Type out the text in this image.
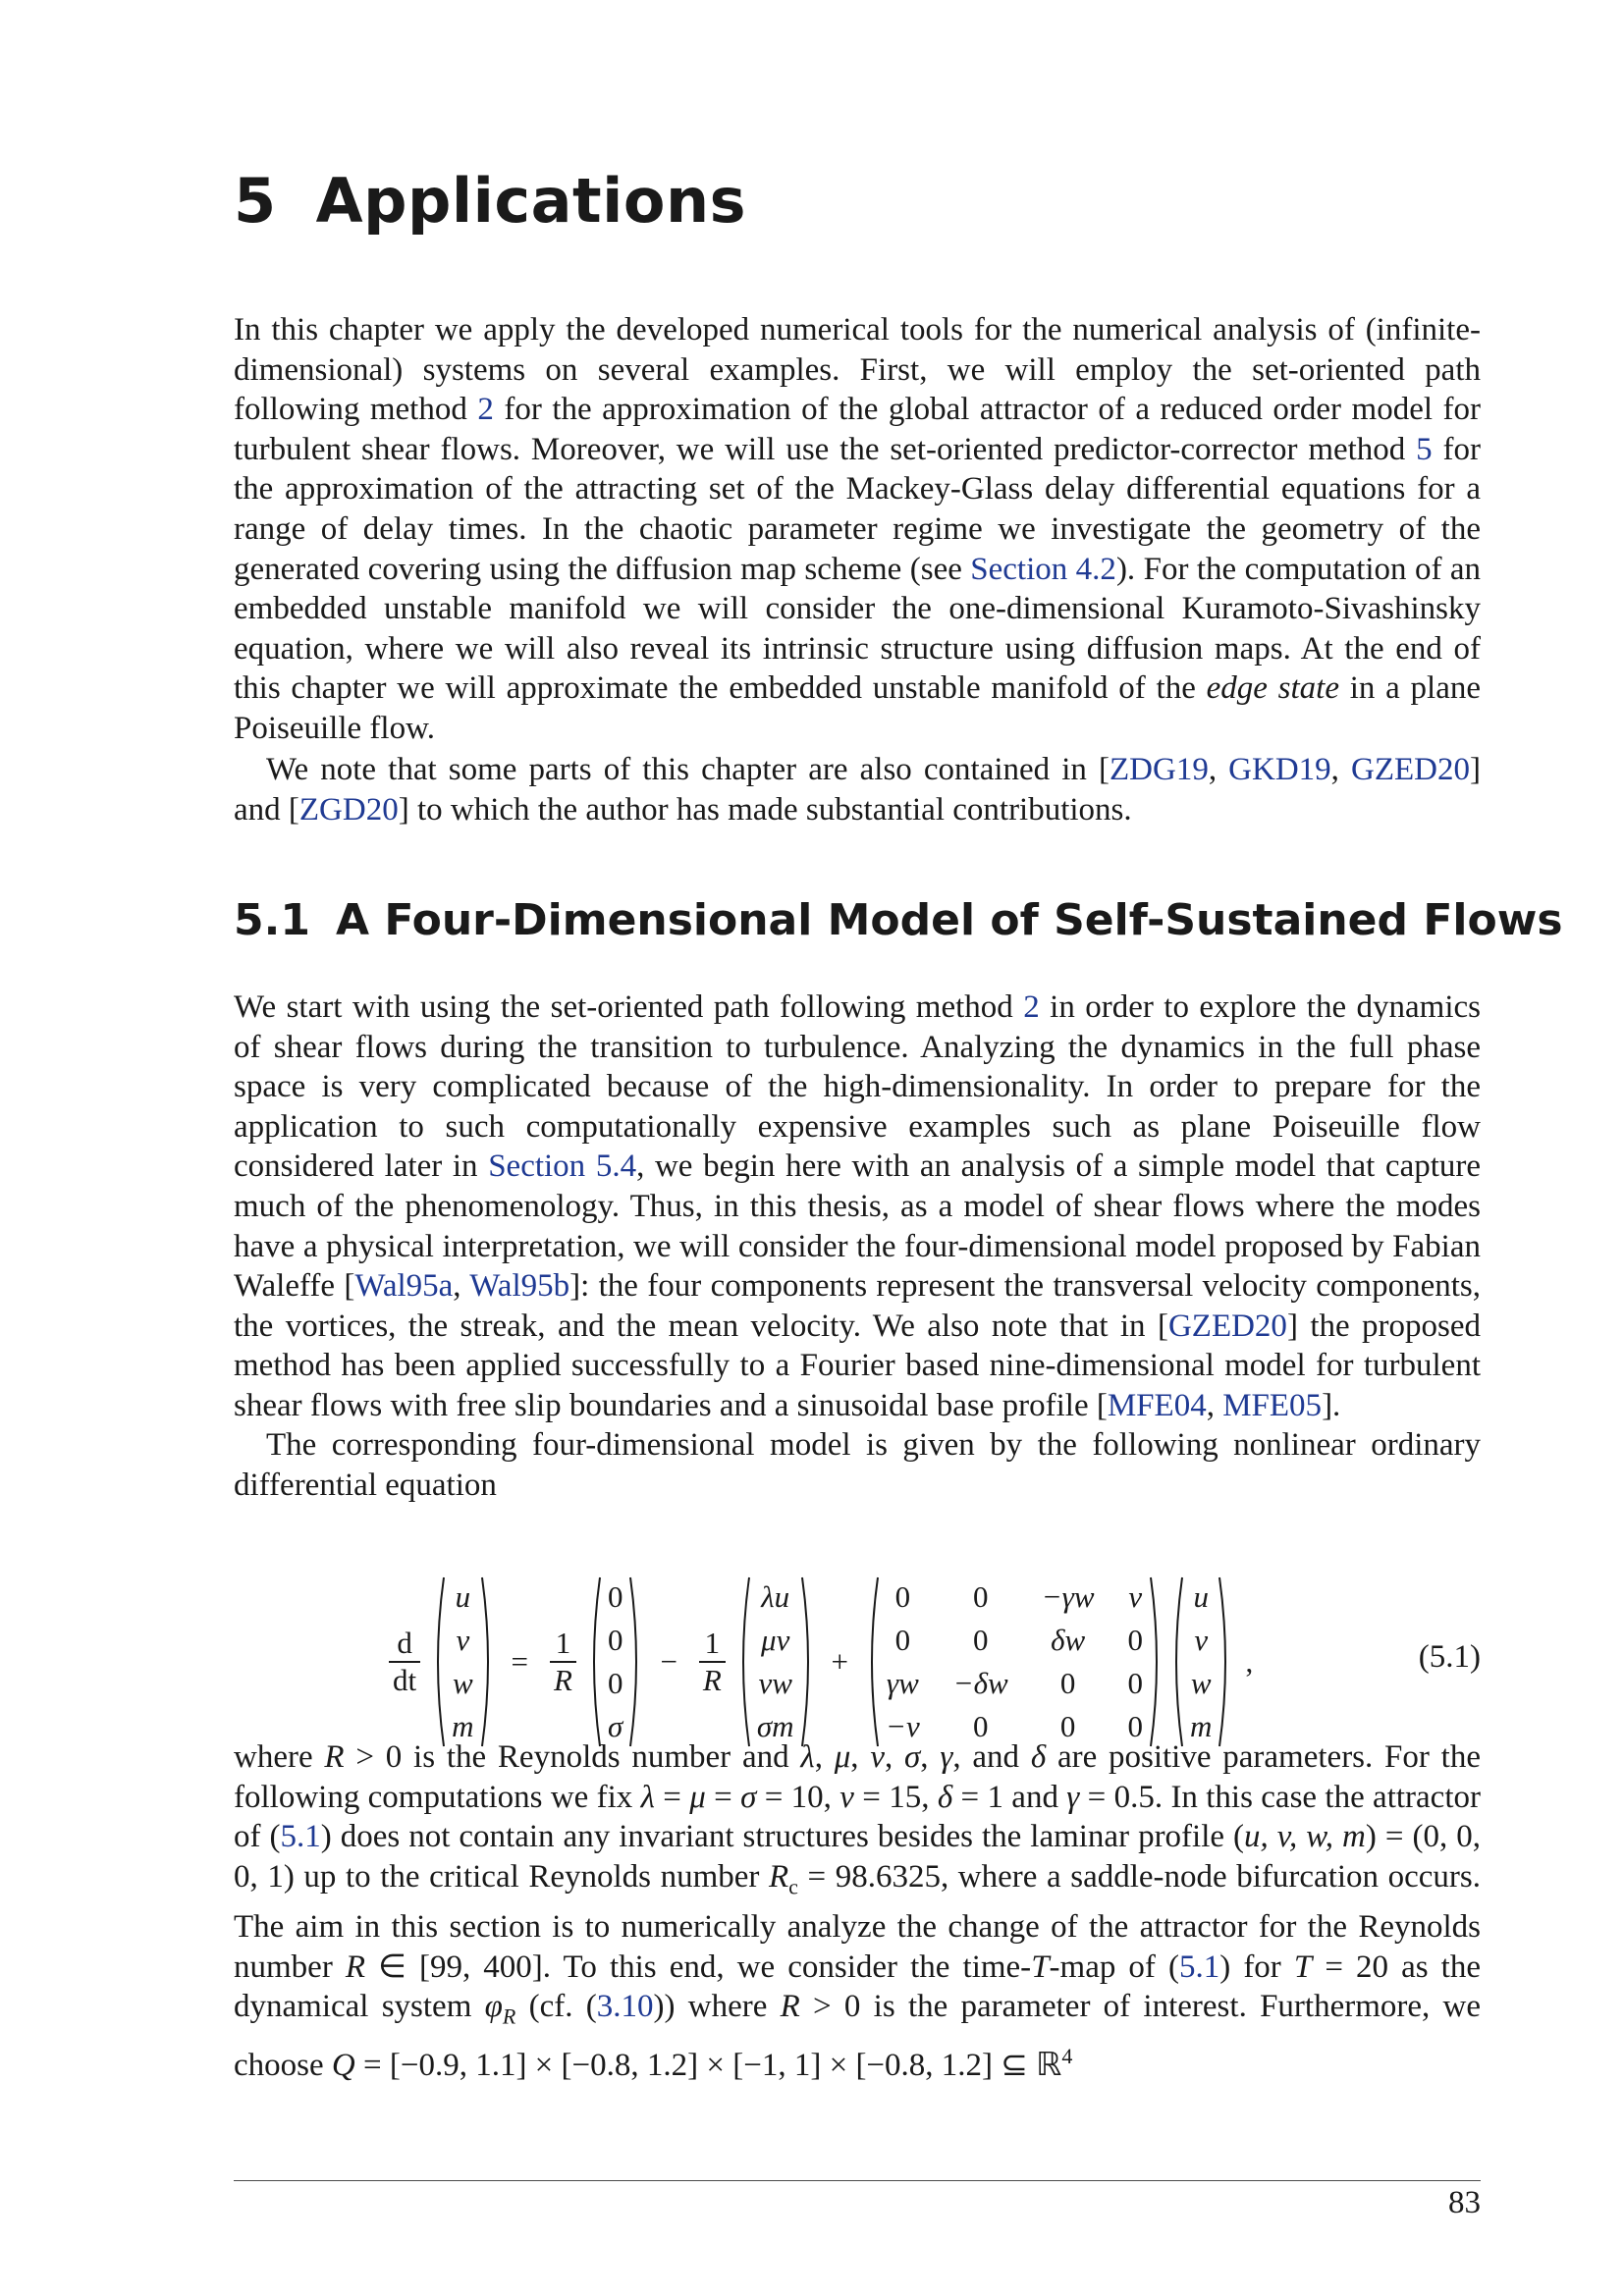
5 Applications

In this chapter we apply the developed numerical tools for the numerical analysis of (infinite-dimensional) systems on several examples. First, we will employ the set-oriented path following method 2 for the approximation of the global attractor of a reduced order model for turbulent shear flows. Moreover, we will use the set-oriented predictor-corrector method 5 for the approximation of the attracting set of the Mackey-Glass delay differential equations for a range of delay times. In the chaotic parameter regime we investigate the geometry of the generated covering using the diffusion map scheme (see Section 4.2). For the computation of an embedded unstable manifold we will consider the one-dimensional Kuramoto-Sivashinsky equation, where we will also reveal its intrinsic structure using diffusion maps. At the end of this chapter we will approximate the embedded unstable manifold of the edge state in a plane Poiseuille flow.

We note that some parts of this chapter are also contained in [ZDG19, GKD19, GZED20] and [ZGD20] to which the author has made substantial contributions.

5.1 A Four-Dimensional Model of Self-Sustained Flows

We start with using the set-oriented path following method 2 in order to explore the dynamics of shear flows during the transition to turbulence. Analyzing the dynamics in the full phase space is very complicated because of the high-dimensionality. In order to prepare for the application to such computationally expensive examples such as plane Poiseuille flow considered later in Section 5.4, we begin here with an analysis of a simple model that capture much of the phenomenology. Thus, in this thesis, as a model of shear flows where the modes have a physical interpretation, we will consider the four-dimensional model proposed by Fabian Waleffe [Wal95a, Wal95b]: the four components represent the transversal velocity components, the vortices, the streak, and the mean velocity. We also note that in [GZED20] the proposed method has been applied successfully to a Fourier based nine-dimensional model for turbulent shear flows with free slip boundaries and a sinusoidal base profile [MFE04, MFE05].

The corresponding four-dimensional model is given by the following nonlinear ordinary differential equation

$\frac{d}{dt}$
u
v
w
m
= $\frac{1}{R}$
0
0
0
σ
− $\frac{1}{R}$
λu
μv
νw
σm
+
0 0 −γw v
0 0 δw 0
γw −δw 0 0
−v 0 0 0
u
v
w
m
,	(5.1)

where R > 0 is the Reynolds number and λ, μ, ν, σ, γ, and δ are positive parameters. For the following computations we fix λ = μ = σ = 10, ν = 15, δ = 1 and γ = 0.5. In this case the attractor of (5.1) does not contain any invariant structures besides the laminar profile (u, v, w, m) = (0, 0, 0, 1) up to the critical Reynolds number $R_c = 98.6325$, where a saddle-node bifurcation occurs. The aim in this section is to numerically analyze the change of the attractor for the Reynolds number R ∈ [99, 400]. To this end, we consider the time-T-map of (5.1) for T = 20 as the dynamical system $\varphi_R$ (cf. (3.10)) where R > 0 is the parameter of interest. Furthermore, we choose Q = [−0.9, 1.1] × [−0.8, 1.2] × [−1, 1] × [−0.8, 1.2] ⊆ ℝ$^4$

83
